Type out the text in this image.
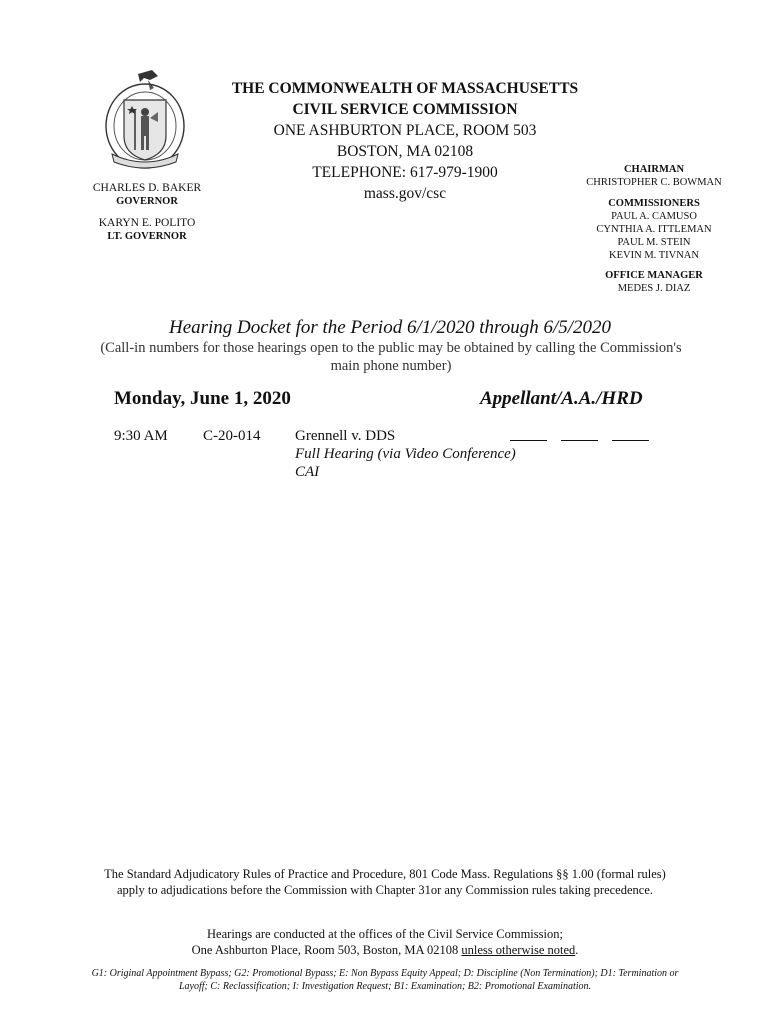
THE COMMONWEALTH OF MASSACHUSETTS
CIVIL SERVICE COMMISSION
ONE ASHBURTON PLACE, ROOM 503
BOSTON, MA 02108
TELEPHONE: 617-979-1900
mass.gov/csc
CHARLES D. BAKER
GOVERNOR
KARYN E. POLITO
LT. GOVERNOR
CHAIRMAN
CHRISTOPHER C. BOWMAN
COMMISSIONERS
PAUL A. CAMUSO
CYNTHIA A. ITTLEMAN
PAUL M. STEIN
KEVIN M. TIVNAN
OFFICE MANAGER
MEDES J. DIAZ
Hearing Docket for the Period 6/1/2020 through 6/5/2020
(Call-in numbers for those hearings open to the public may be obtained by calling the Commission's main phone number)
Monday, June 1, 2020	Appellant/A.A./HRD
9:30 AM C-20-014 Grennell v. DDS
Full Hearing (via Video Conference)
CAI
The Standard Adjudicatory Rules of Practice and Procedure, 801 Code Mass. Regulations §§ 1.00 (formal rules) apply to adjudications before the Commission with Chapter 31or any Commission rules taking precedence.
Hearings are conducted at the offices of the Civil Service Commission;
One Ashburton Place, Room 503, Boston, MA 02108 unless otherwise noted.
G1: Original Appointment Bypass; G2: Promotional Bypass; E: Non Bypass Equity Appeal; D: Discipline (Non Termination); D1: Termination or Layoff; C: Reclassification; I: Investigation Request; B1: Examination; B2: Promotional Examination.
